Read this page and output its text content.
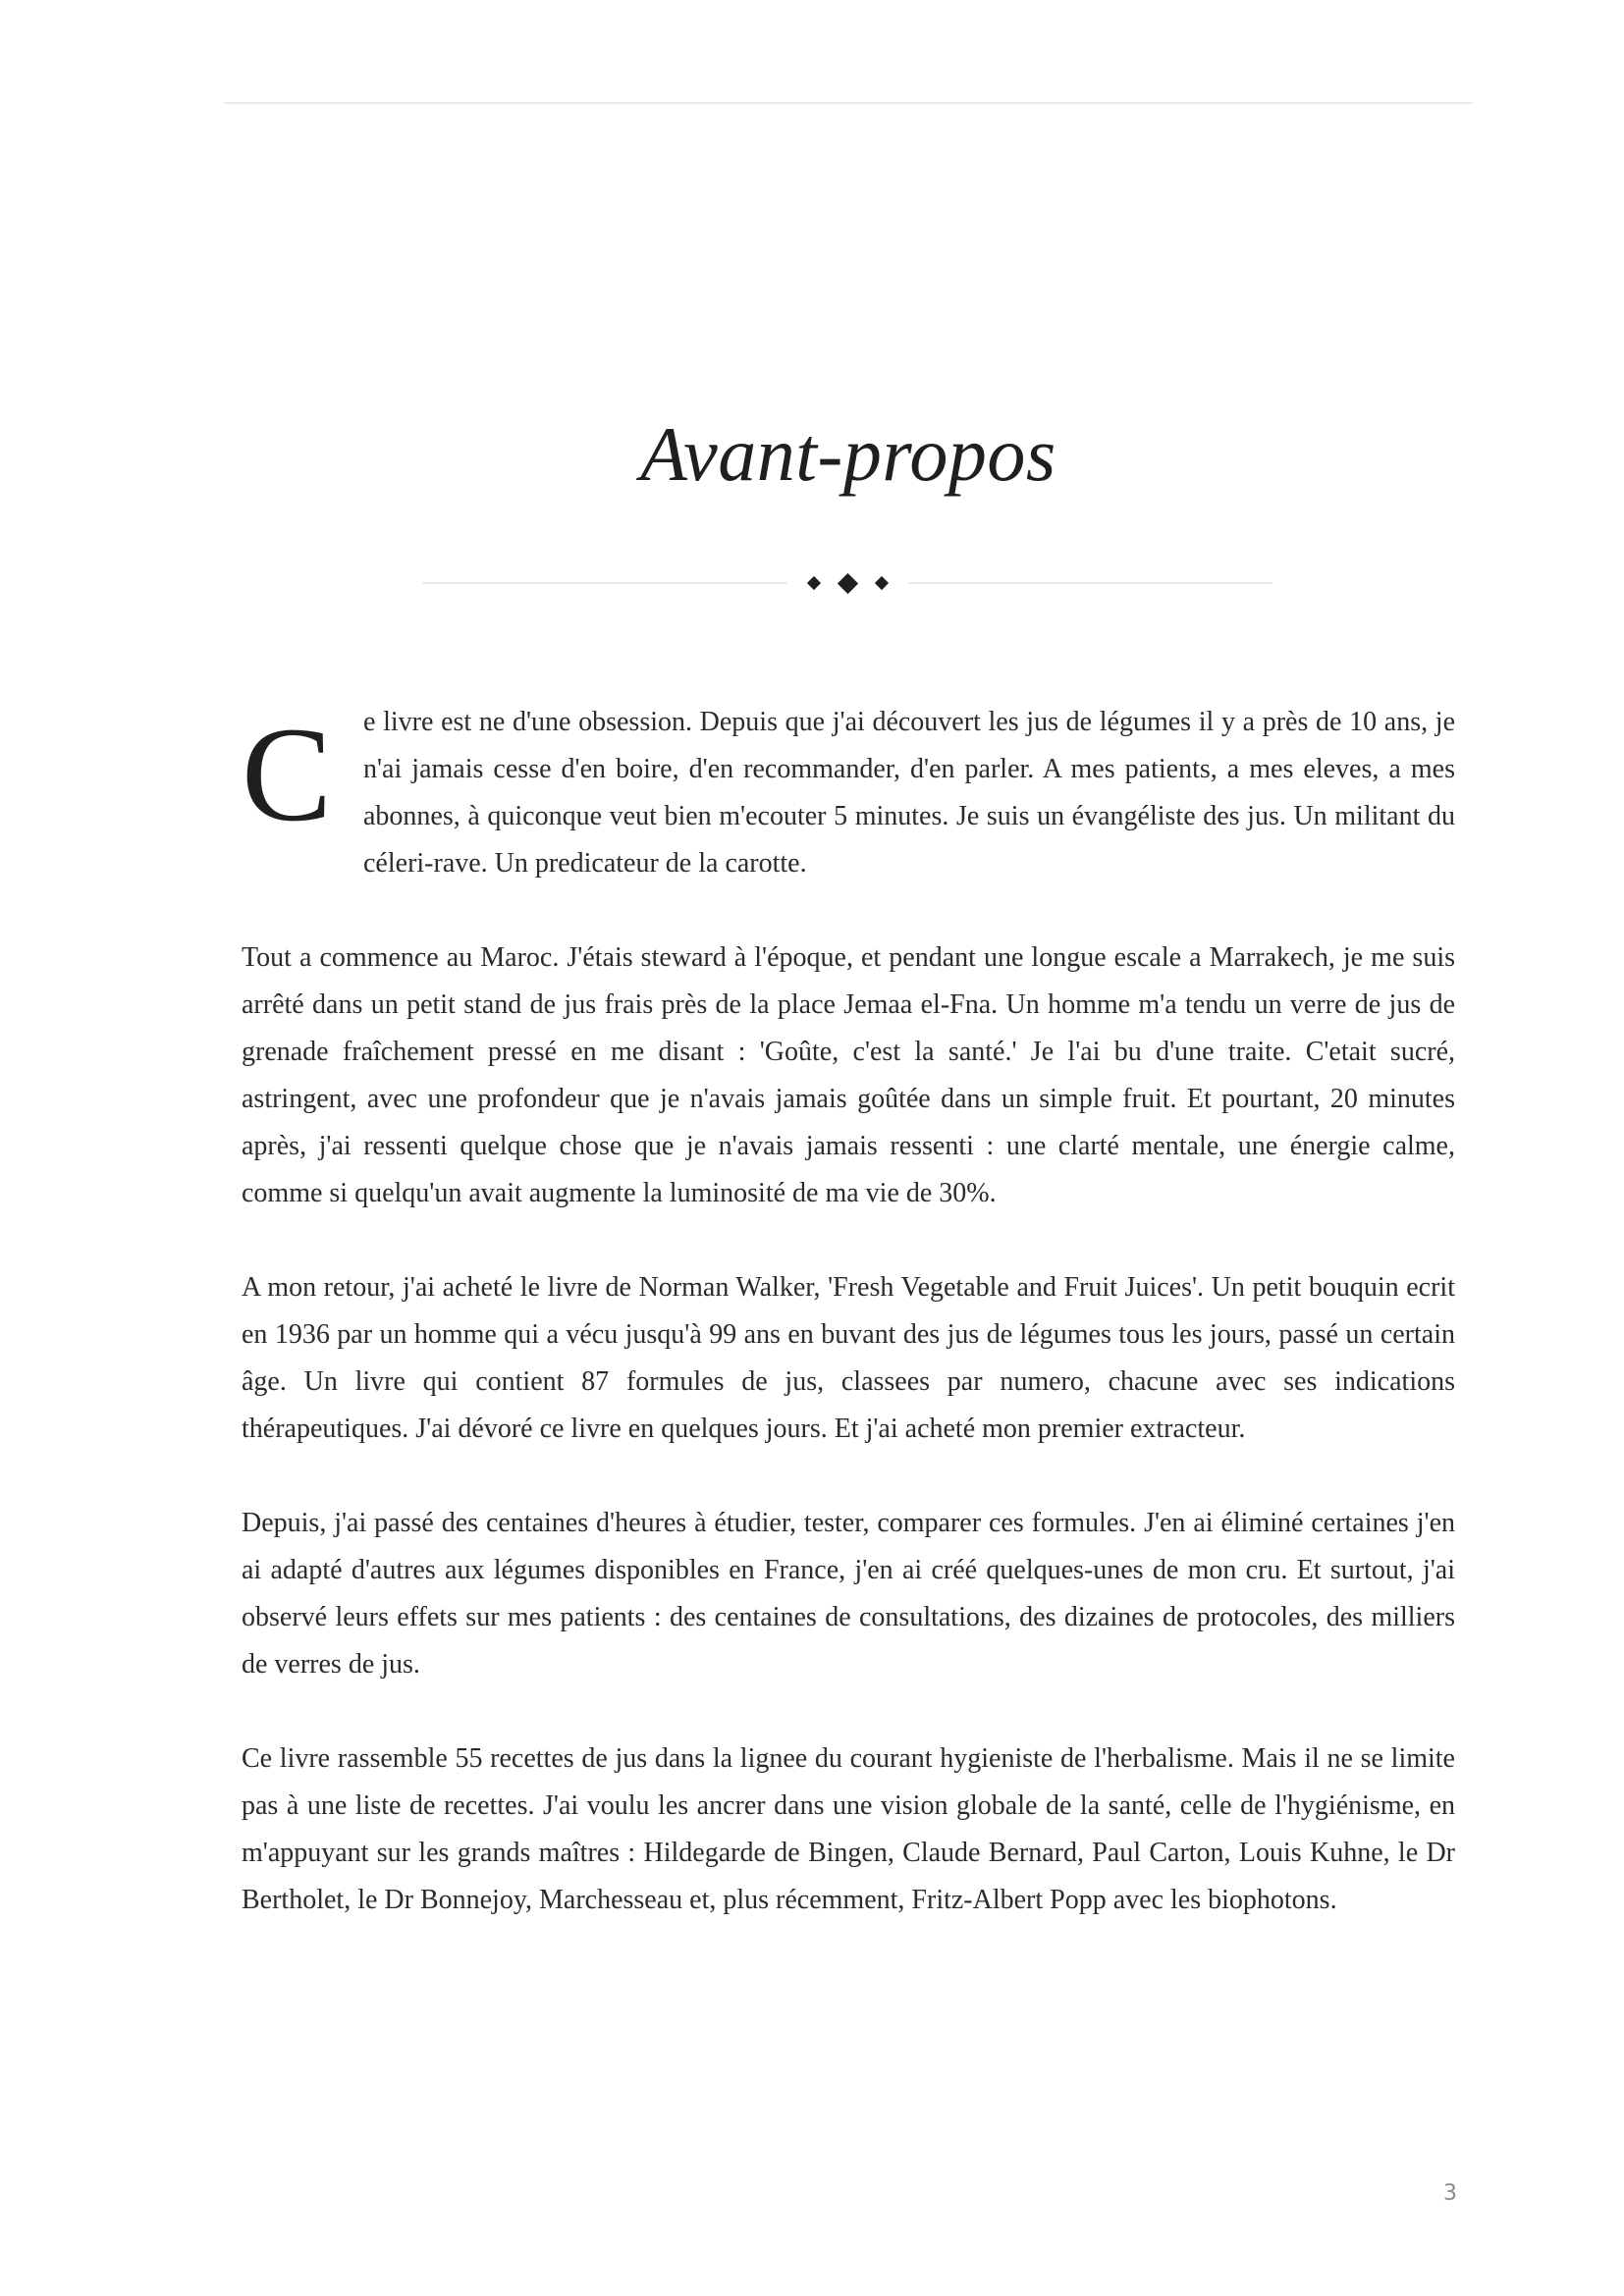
Avant-propos
C	e livre est ne d'une obsession. Depuis que j'ai découvert les jus de légumes il y a près de 10 ans, je n'ai jamais cesse d'en boire, d'en recommander, d'en parler. A mes patients, a mes eleves, a mes abonnes, à quiconque veut bien m'ecouter 5 minutes. Je suis un évangéliste des jus. Un militant du céleri-rave. Un predicateur de la carotte.

Tout a commence au Maroc. J'étais steward à l'époque, et pendant une longue escale a Marrakech, je me suis arrêté dans un petit stand de jus frais près de la place Jemaa el-Fna. Un homme m'a tendu un verre de jus de grenade fraîchement pressé en me disant : 'Goûte, c'est la santé.' Je l'ai bu d'une traite. C'etait sucré, astringent, avec une profondeur que je n'avais jamais goûtée dans un simple fruit. Et pourtant, 20 minutes après, j'ai ressenti quelque chose que je n'avais jamais ressenti : une clarté mentale, une énergie calme, comme si quelqu'un avait augmente la luminosité de ma vie de 30%.

A mon retour, j'ai acheté le livre de Norman Walker, 'Fresh Vegetable and Fruit Juices'. Un petit bouquin ecrit en 1936 par un homme qui a vécu jusqu'à 99 ans en buvant des jus de légumes tous les jours, passé un certain âge. Un livre qui contient 87 formules de jus, classees par numero, chacune avec ses indications thérapeutiques. J'ai dévoré ce livre en quelques jours. Et j'ai acheté mon premier extracteur.

Depuis, j'ai passé des centaines d'heures à étudier, tester, comparer ces formules. J'en ai éliminé certaines j'en ai adapté d'autres aux légumes disponibles en France, j'en ai créé quelques-unes de mon cru. Et surtout, j'ai observé leurs effets sur mes patients : des centaines de consultations, des dizaines de protocoles, des milliers de verres de jus.

Ce livre rassemble 55 recettes de jus dans la lignee du courant hygieniste de l'herbalisme. Mais il ne se limite pas à une liste de recettes. J'ai voulu les ancrer dans une vision globale de la santé, celle de l'hygiénisme, en m'appuyant sur les grands maîtres : Hildegarde de Bingen, Claude Bernard, Paul Carton, Louis Kuhne, le Dr Bertholet, le Dr Bonnejoy, Marchesseau et, plus récemment, Fritz-Albert Popp avec les biophotons.

3
